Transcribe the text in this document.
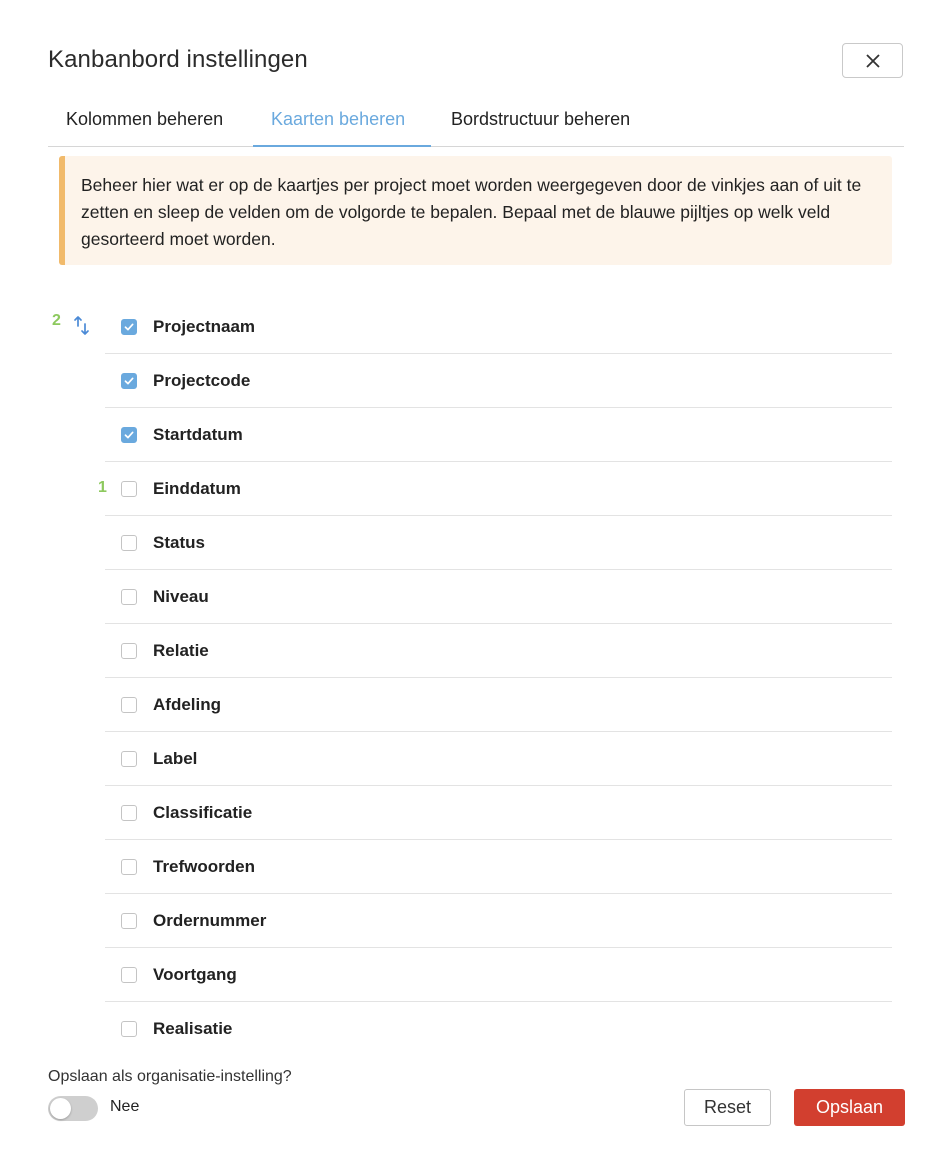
Kanbanbord instellingen
Kolommen beheren	Kaarten beheren	Bordstructuur beheren
Beheer hier wat er op de kaartjes per project moet worden weergegeven door de vinkjes aan of uit te zetten en sleep de velden om de volgorde te bepalen. Bepaal met de blauwe pijltjes op welk veld gesorteerd moet worden.
2
1
Projectnaam
Projectcode
Startdatum
Einddatum
Status
Niveau
Relatie
Afdeling
Label
Classificatie
Trefwoorden
Ordernummer
Voortgang
Realisatie
Opslaan als organisatie-instelling?
Nee	Reset	Opslaan
